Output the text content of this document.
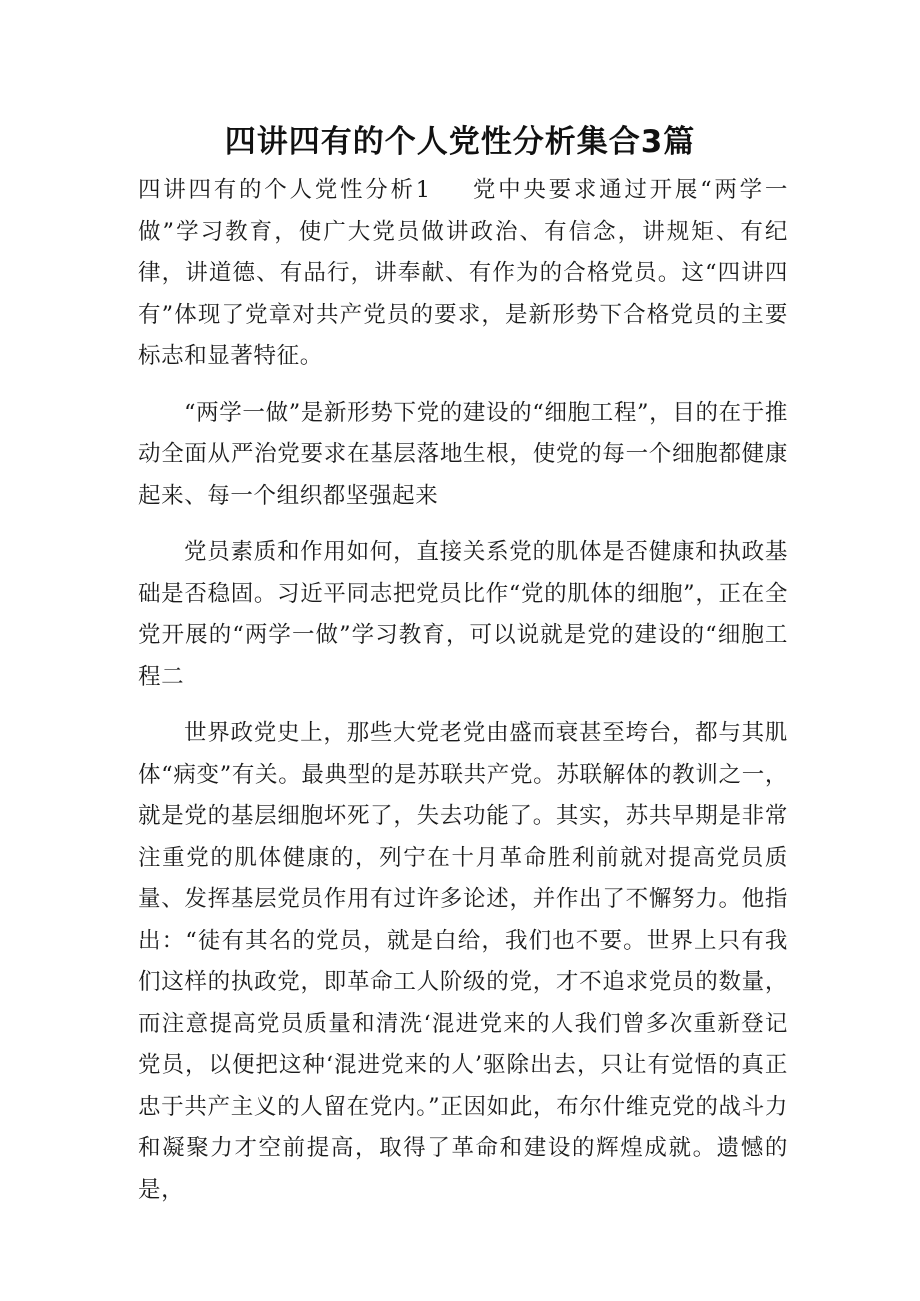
四讲四有的个人党性分析集合3篇

四讲四有的个人党性分析1 党中央要求通过开展“两学一做”学习教育，使广大党员做讲政治、有信念，讲规矩、有纪律，讲道德、有品行，讲奉献、有作为的合格党员。这“四讲四有”体现了党章对共产党员的要求，是新形势下合格党员的主要标志和显著特征。

“两学一做”是新形势下党的建设的“细胞工程”，目的在于推动全面从严治党要求在基层落地生根，使党的每一个细胞都健康起来、每一个组织都坚强起来

党员素质和作用如何，直接关系党的肌体是否健康和执政基础是否稳固。习近平同志把党员比作“党的肌体的细胞”，正在全党开展的“两学一做”学习教育，可以说就是党的建设的“细胞工程二

世界政党史上，那些大党老党由盛而衰甚至垮台，都与其肌体“病变”有关。最典型的是苏联共产党。苏联解体的教训之一，就是党的基层细胞坏死了，失去功能了。其实，苏共早期是非常注重党的肌体健康的，列宁在十月革命胜利前就对提高党员质量、发挥基层党员作用有过许多论述，并作出了不懈努力。他指出：“徒有其名的党员，就是白给，我们也不要。世界上只有我们这样的执政党，即革命工人阶级的党，才不追求党员的数量，而注意提高党员质量和清洗‘混进党来的人我们曾多次重新登记党员，以便把这种‘混进党来的人’驱除出去，只让有觉悟的真正忠于共产主义的人留在党内。”正因如此，布尔什维克党的战斗力和凝聚力才空前提高，取得了革命和建设的辉煌成就。遗憾的是，
